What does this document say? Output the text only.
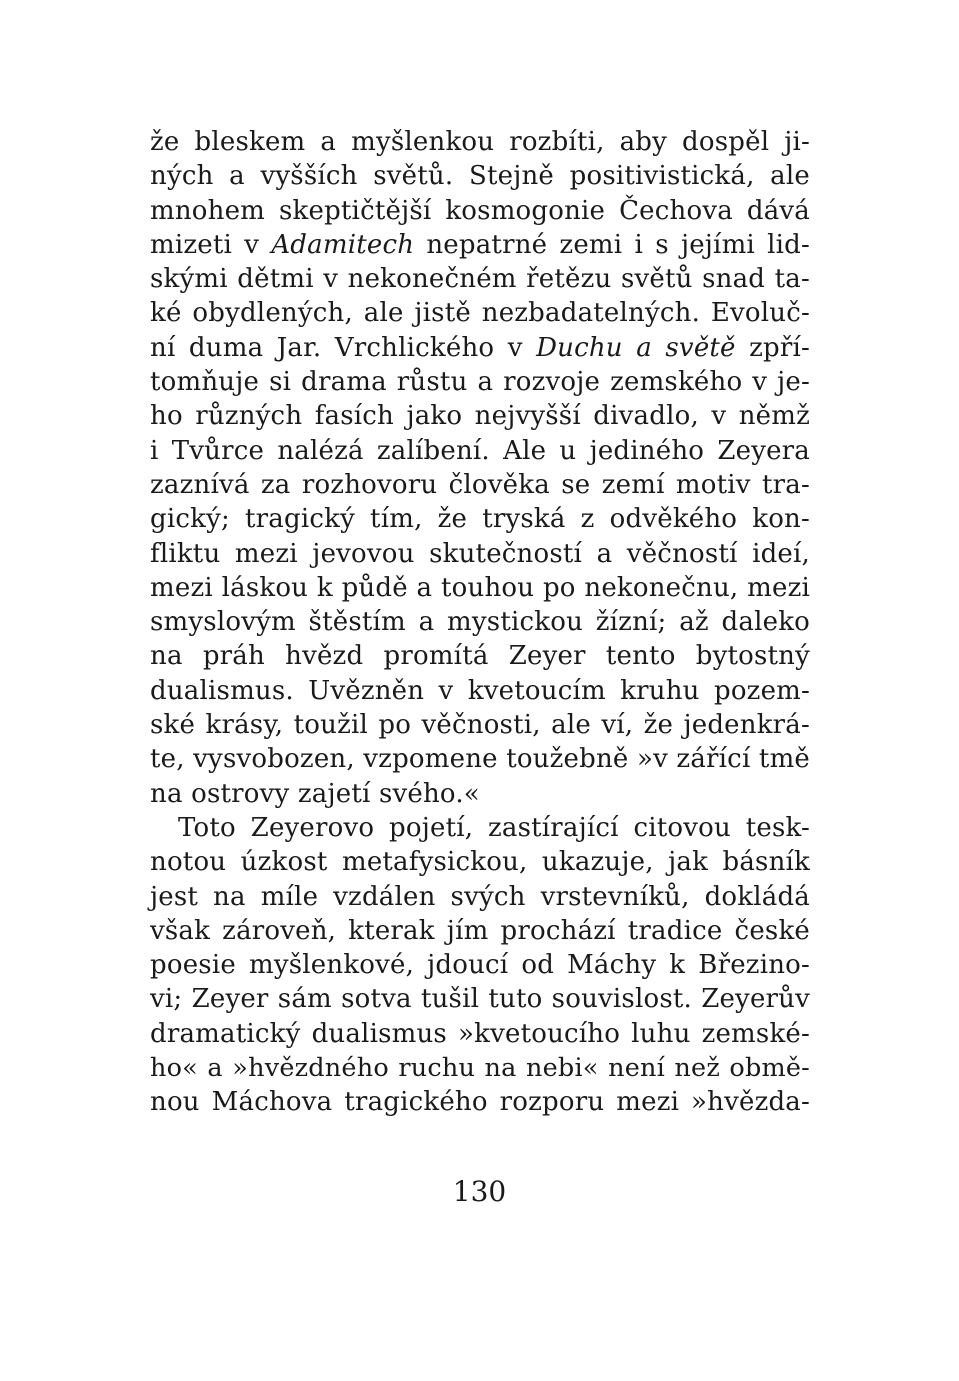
že bleskem a myšlenkou rozbíti, aby dospěl ji-
ných a vyšších světů. Stejně positivistická, ale
mnohem skeptičtější kosmogonie Čechova dává
mizeti v Adamitech nepatrné zemi i s jejími lid-
skými dětmi v nekonečném řetězu světů snad ta-
ké obydlených, ale jistě nezbadatelných. Evoluč-
ní duma Jar. Vrchlického v Duchu a světě zpří-
tomňuje si drama růstu a rozvoje zemského v je-
ho různých fasích jako nejvyšší divadlo, v němž
i Tvůrce nalézá zalíbení. Ale u jediného Zeyera
zaznívá za rozhovoru člověka se zemí motiv tra-
gický; tragický tím, že tryská z odvěkého kon-
fliktu mezi jevovou skutečností a věčností ideí,
mezi láskou k půdě a touhou po nekonečnu, mezi
smyslovým štěstím a mystickou žízní; až daleko
na práh hvězd promítá Zeyer tento bytostný
dualismus. Uvězněn v kvetoucím kruhu pozem-
ské krásy, toužil po věčnosti, ale ví, že jedenkrá-
te, vysvobozen, vzpomene toužebně »v zářící tmě
na ostrovy zajetí svého.«
Toto Zeyerovo pojetí, zastírající citovou tesk-
notou úzkost metafysickou, ukazuje, jak básník
jest na míle vzdálen svých vrstevníků, dokládá
však zároveň, kterak jím prochází tradice české
poesie myšlenkové, jdoucí od Máchy k Březino-
vi; Zeyer sám sotva tušil tuto souvislost. Zeyerův
dramatický dualismus »kvetoucího luhu zemské-
ho« a »hvězdného ruchu na nebi« není než obmě-
nou Máchova tragického rozporu mezi »hvězda-
130
